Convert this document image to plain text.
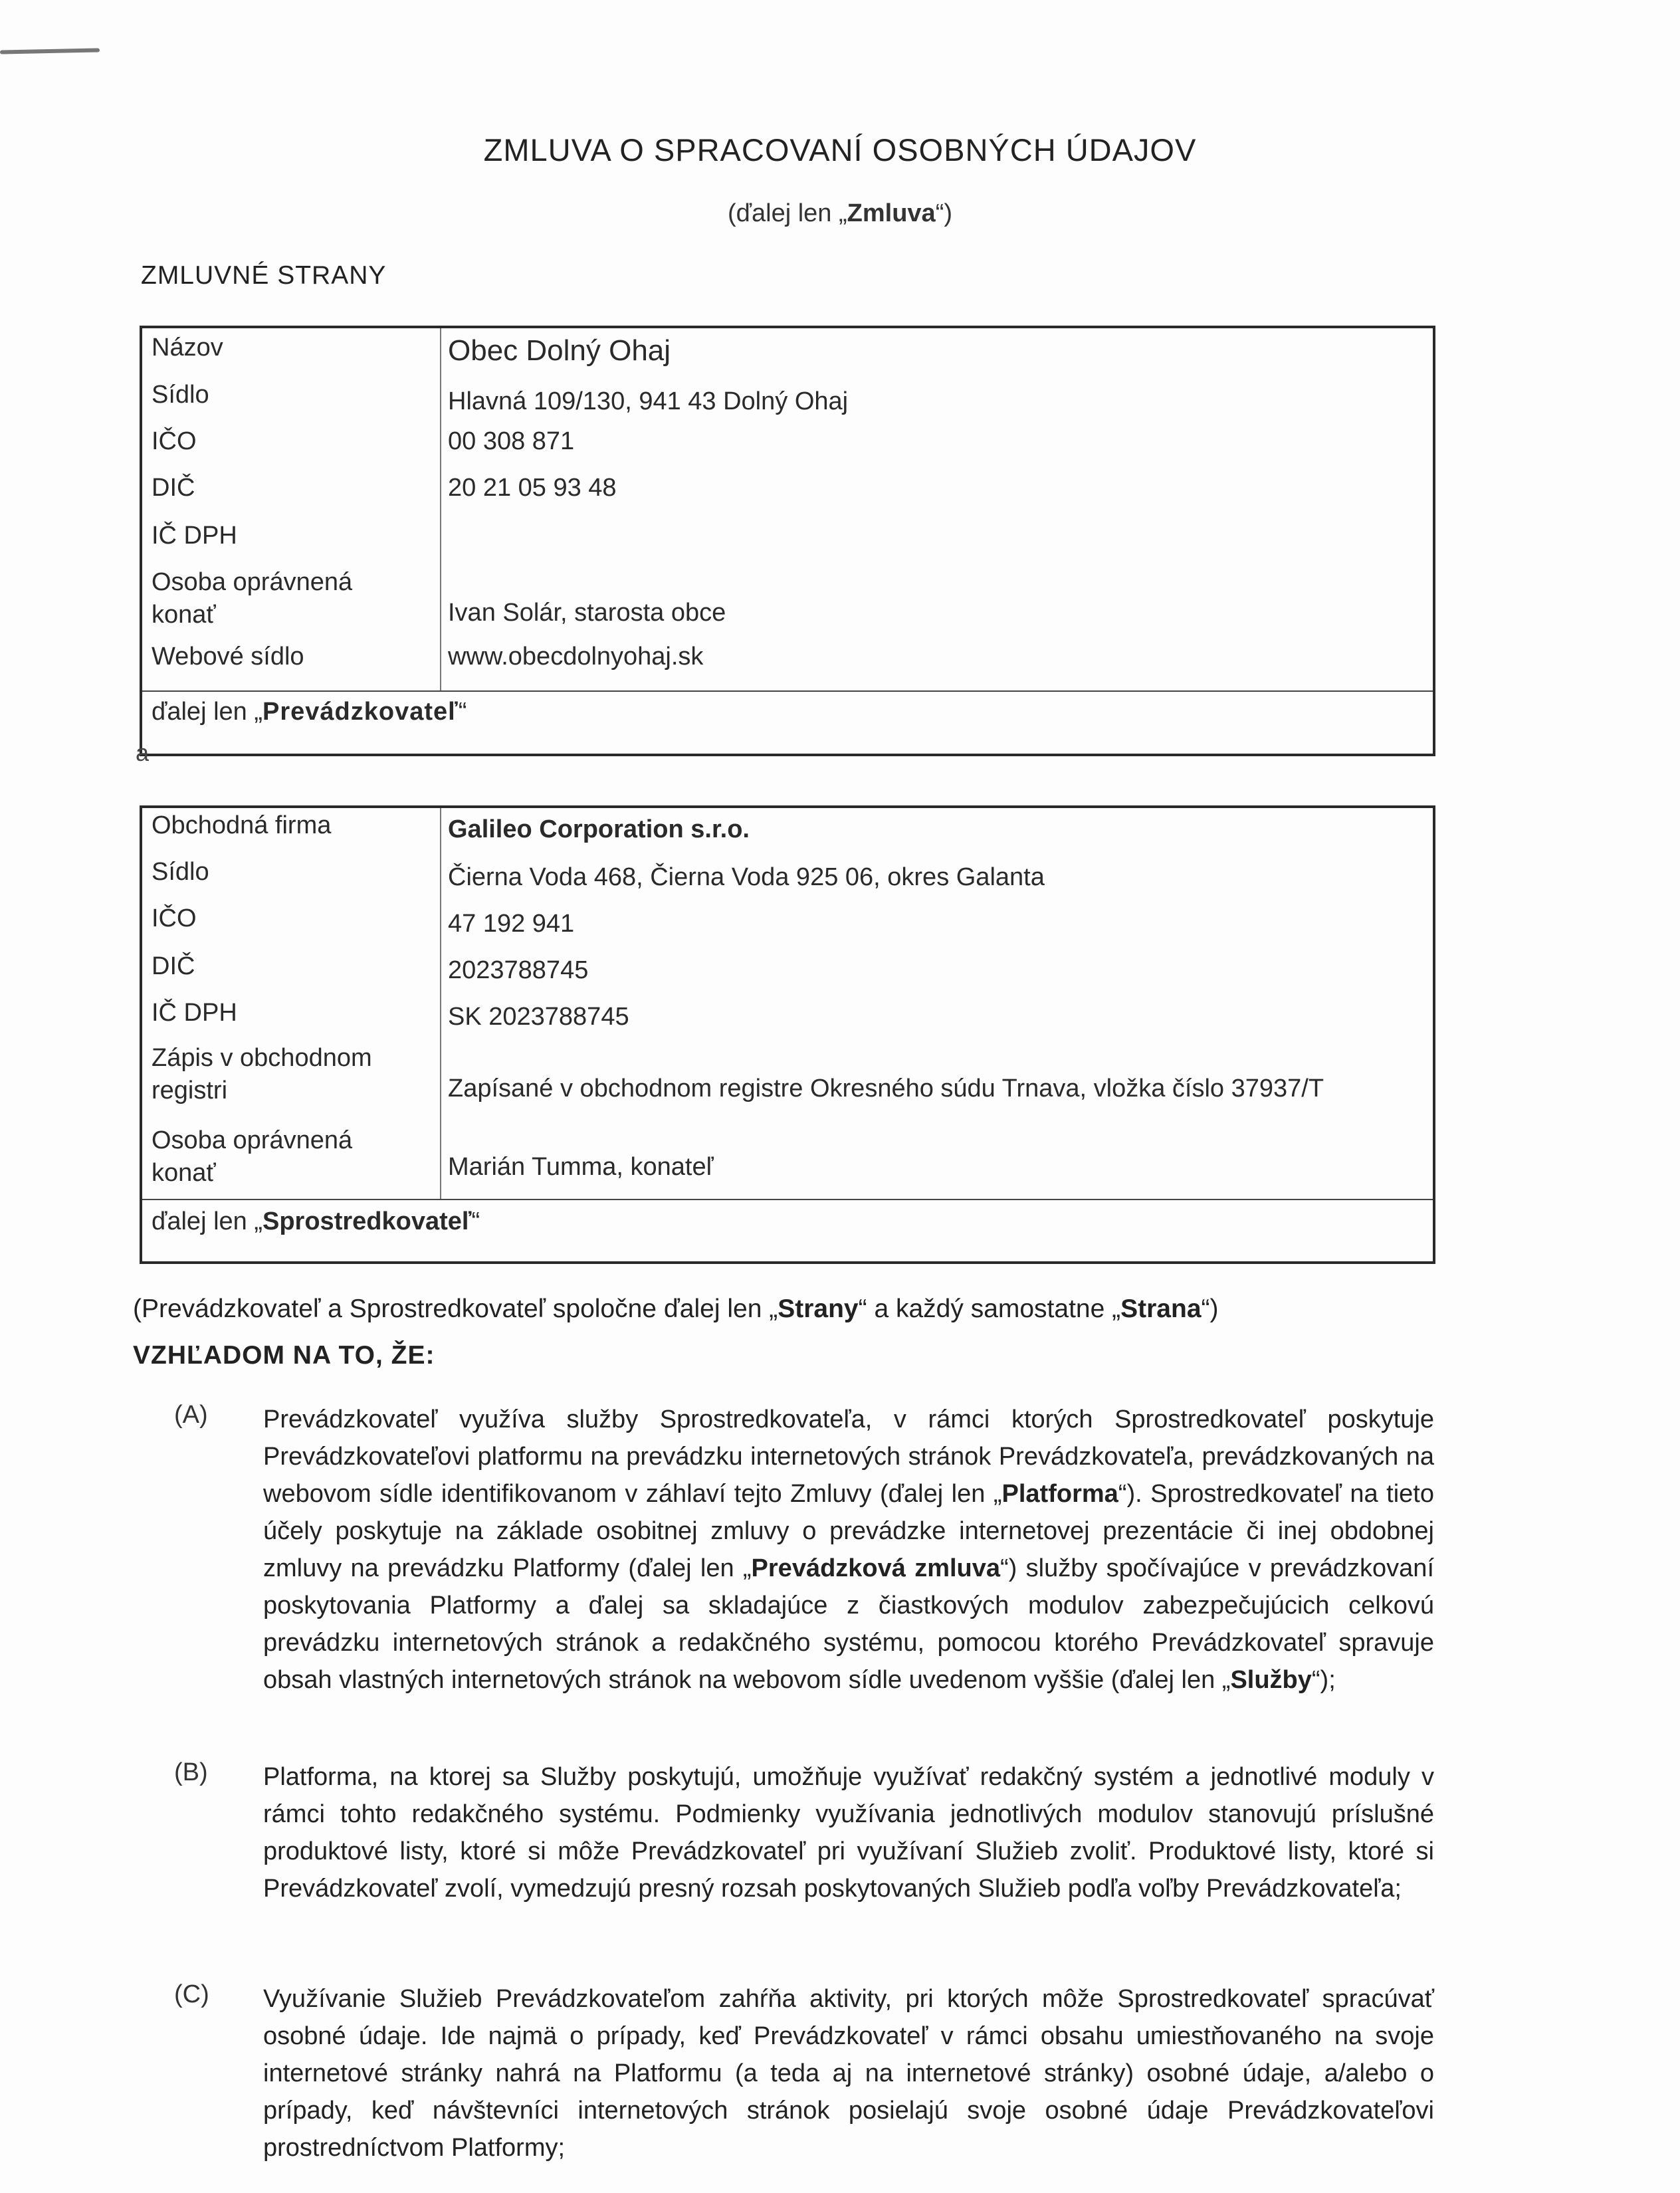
ZMLUVA O SPRACOVANÍ OSOBNÝCH ÚDAJOV
(ďalej len „Zmluva“)
ZMLUVNÉ STRANY
Názov	Obec Dolný Ohaj
Sídlo	Hlavná 109/130, 941 43 Dolný Ohaj
IČO	00 308 871
DIČ	20 21 05 93 48
IČ DPH
Osoba oprávnená konať	Ivan Solár, starosta obce
Webové sídlo	www.obecdolnyohaj.sk
ďalej len „Prevádzkovateľ“
a
Obchodná firma	Galileo Corporation s.r.o.
Sídlo	Čierna Voda 468, Čierna Voda 925 06, okres Galanta
IČO	47 192 941
DIČ	2023788745
IČ DPH	SK 2023788745
Zápis v obchodnom registri	Zapísané v obchodnom registre Okresného súdu Trnava, vložka číslo 37937/T
Osoba oprávnená konať	Marián Tumma, konateľ
ďalej len „Sprostredkovateľ“
(Prevádzkovateľ a Sprostredkovateľ spoločne ďalej len „Strany“ a každý samostatne „Strana“)
VZHĽADOM NA TO, ŽE:
(A) Prevádzkovateľ využíva služby Sprostredkovateľa, v rámci ktorých Sprostredkovateľ poskytuje Prevádzkovateľovi platformu na prevádzku internetových stránok Prevádzkovateľa, prevádzkovaných na webovom sídle identifikovanom v záhlaví tejto Zmluvy (ďalej len „Platforma“). Sprostredkovateľ na tieto účely poskytuje na základe osobitnej zmluvy o prevádzke internetovej prezentácie či inej obdobnej zmluvy na prevádzku Platformy (ďalej len „Prevádzková zmluva“) služby spočívajúce v prevádzkovaní poskytovania Platformy a ďalej sa skladajúce z čiastkových modulov zabezpečujúcich celkovú prevádzku internetových stránok a redakčného systému, pomocou ktorého Prevádzkovateľ spravuje obsah vlastných internetových stránok na webovom sídle uvedenom vyššie (ďalej len „Služby“);
(B) Platforma, na ktorej sa Služby poskytujú, umožňuje využívať redakčný systém a jednotlivé moduly v rámci tohto redakčného systému. Podmienky využívania jednotlivých modulov stanovujú príslušné produktové listy, ktoré si môže Prevádzkovateľ pri využívaní Služieb zvoliť. Produktové listy, ktoré si Prevádzkovateľ zvolí, vymedzujú presný rozsah poskytovaných Služieb podľa voľby Prevádzkovateľa;
(C) Využívanie Služieb Prevádzkovateľom zahŕňa aktivity, pri ktorých môže Sprostredkovateľ spracúvať osobné údaje. Ide najmä o prípady, keď Prevádzkovateľ v rámci obsahu umiestňovaného na svoje internetové stránky nahrá na Platformu (a teda aj na internetové stránky) osobné údaje, a/alebo o prípady, keď návštevníci internetových stránok posielajú svoje osobné údaje Prevádzkovateľovi prostredníctvom Platformy;
